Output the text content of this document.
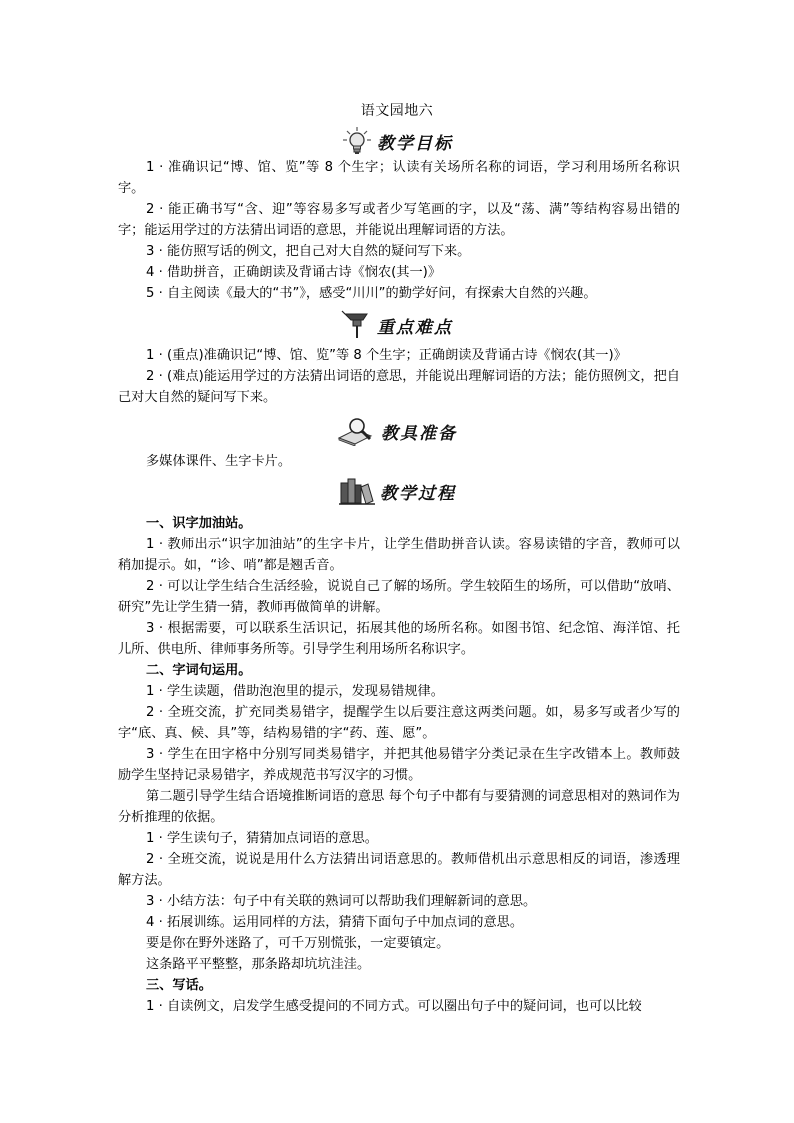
语文园地六
教学目标

1 · 准确识记“博、馆、览”等 8 个生字；认读有关场所名称的词语，学习利用场所名称识字。

2 · 能正确书写“含、迎”等容易多写或者少写笔画的字，以及“荡、满”等结构容易出错的字；能运用学过的方法猜出词语的意思，并能说出理解词语的方法。

3 · 能仿照写话的例文，把自己对大自然的疑问写下来。

4 · 借助拼音，正确朗读及背诵古诗《悯农(其一)》

5 · 自主阅读《最大的“书”》，感受“川川”的勤学好问，有探索大自然的兴趣。

重点难点

1 · (重点)准确识记“博、馆、览”等 8 个生字；正确朗读及背诵古诗《悯农(其一)》

2 · (难点)能运用学过的方法猜出词语的意思，并能说出理解词语的方法；能仿照例文，把自己对大自然的疑问写下来。

教具准备

多媒体课件、生字卡片。

教学过程

一、识字加油站。

1 · 教师出示“识字加油站”的生字卡片，让学生借助拼音认读。容易读错的字音，教师可以稍加提示。如，“诊、哨”都是翘舌音。

2 · 可以让学生结合生活经验，说说自己了解的场所。学生较陌生的场所，可以借助“放哨、研究”先让学生猜一猜，教师再做简单的讲解。

3 · 根据需要，可以联系生活识记，拓展其他的场所名称。如图书馆、纪念馆、海洋馆、托儿所、供电所、律师事务所等。引导学生利用场所名称识字。

二、字词句运用。

1 · 学生读题，借助泡泡里的提示，发现易错规律。

2 · 全班交流，扩充同类易错字，提醒学生以后要注意这两类问题。如，易多写或者少写的字“底、真、候、具”等，结构易错的字“药、莲、愿”。

3 · 学生在田字格中分别写同类易错字，并把其他易错字分类记录在生字改错本上。教师鼓励学生坚持记录易错字，养成规范书写汉字的习惯。

第二题引导学生结合语境推断词语的意思 每个句子中都有与要猜测的词意思相对的熟词作为分析推理的依据。

1 · 学生读句子，猜猜加点词语的意思。

2 · 全班交流，说说是用什么方法猜出词语意思的。教师借机出示意思相反的词语，渗透理解方法。

3 · 小结方法：句子中有关联的熟词可以帮助我们理解新词的意思。

4 · 拓展训练。运用同样的方法，猜猜下面句子中加点词的意思。

要是你在野外迷路了，可千万别慌张，一定要镇定。

这条路平平整整，那条路却坑坑洼洼。

三、写话。

1 · 自读例文，启发学生感受提问的不同方式。可以圈出句子中的疑问词，也可以比较
